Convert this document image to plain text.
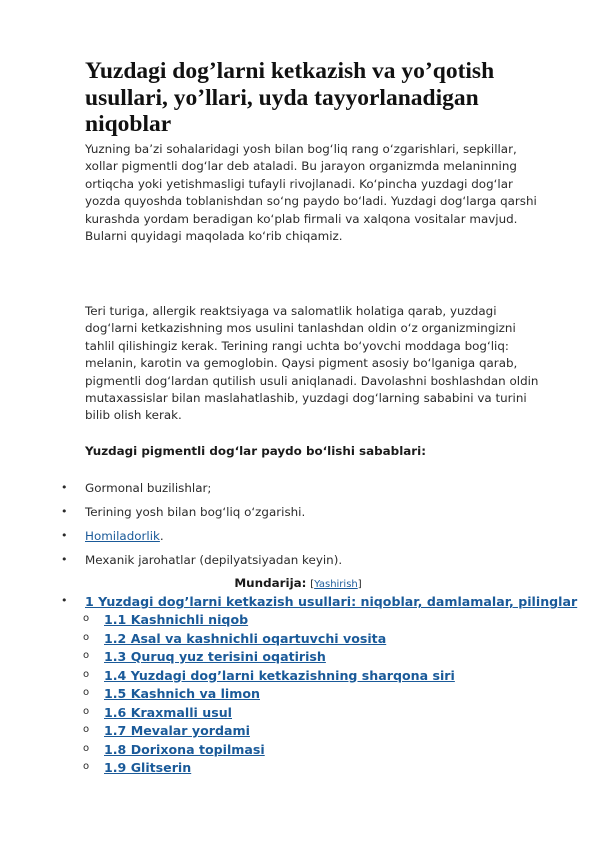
Yuzdagi dog’larni ketkazish va yo’qotish usullari, yo’llari, uyda tayyorlanadigan niqoblar
Yuzning ba’zi sohalaridagi yosh bilan bog‘liq rang o‘zgarishlari, sepkillar,
xollar pigmentli dog‘lar deb ataladi. Bu jarayon organizmda melaninning
ortiqcha yoki yetishmasligi tufayli rivojlanadi. Ko‘pincha yuzdagi dog‘lar
yozda quyoshda toblanishdan so‘ng paydo bo‘ladi. Yuzdagi dog‘larga qarshi
kurashda yordam beradigan ko‘plab firmali va xalqona vositalar mavjud.
Bularni quyidagi maqolada ko‘rib chiqamiz.
Teri turiga, allergik reaktsiyaga va salomatlik holatiga qarab, yuzdagi
dog‘larni ketkazishning mos usulini tanlashdan oldin o‘z organizmingizni
tahlil qilishingiz kerak. Terining rangi uchta bo‘yovchi moddaga bog‘liq:
melanin, karotin va gemoglobin. Qaysi pigment asosiy bo‘lganiga qarab,
pigmentli dog‘lardan qutilish usuli aniqlanadi. Davolashni boshlashdan oldin
mutaxassislar bilan maslahatlashib, yuzdagi dog‘larning sababini va turini
bilib olish kerak.
Yuzdagi pigmentli dog‘lar paydo bo‘lishi sabablari:
• Gormonal buzilishlar;
• Terining yosh bilan bog‘liq o‘zgarishi.
• Homiladorlik.
• Mexanik jarohatlar (depilyatsiyadan keyin).
Mundarija: [Yashirish]
• 1 Yuzdagi dog’larni ketkazish usullari: niqoblar, damlamalar, pilinglar
o 1.1 Kashnichli niqob
o 1.2 Asal va kashnichli oqartuvchi vosita
o 1.3 Quruq yuz terisini oqatirish
o 1.4 Yuzdagi dog’larni ketkazishning sharqona siri
o 1.5 Kashnich va limon
o 1.6 Kraxmalli usul
o 1.7 Mevalar yordami
o 1.8 Dorixona topilmasi
o 1.9 Glitserin
